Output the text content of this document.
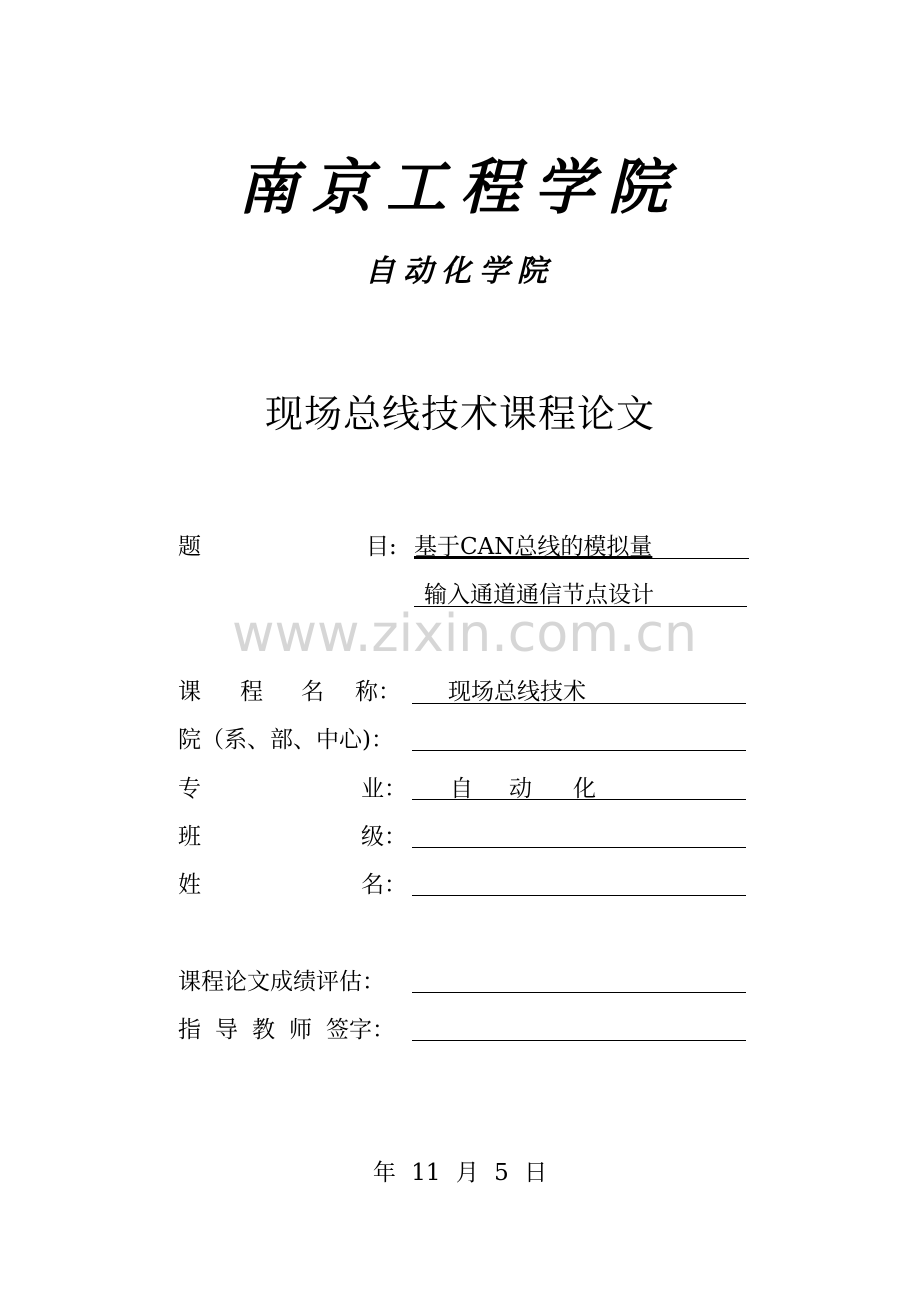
南京工程学院
自动化学院
现场总线技术课程论文
www.zixin.com.cn
题	目: 基于CAN总线的模拟量
输入通道通信节点设计
课 程 名 称： 现场总线技术
院（系、部、中心)：
专	业： 自 动 化
班	级：
姓	名：
课程论文成绩评估：
指 导 教 师 签字：
年 11 月 5 日
